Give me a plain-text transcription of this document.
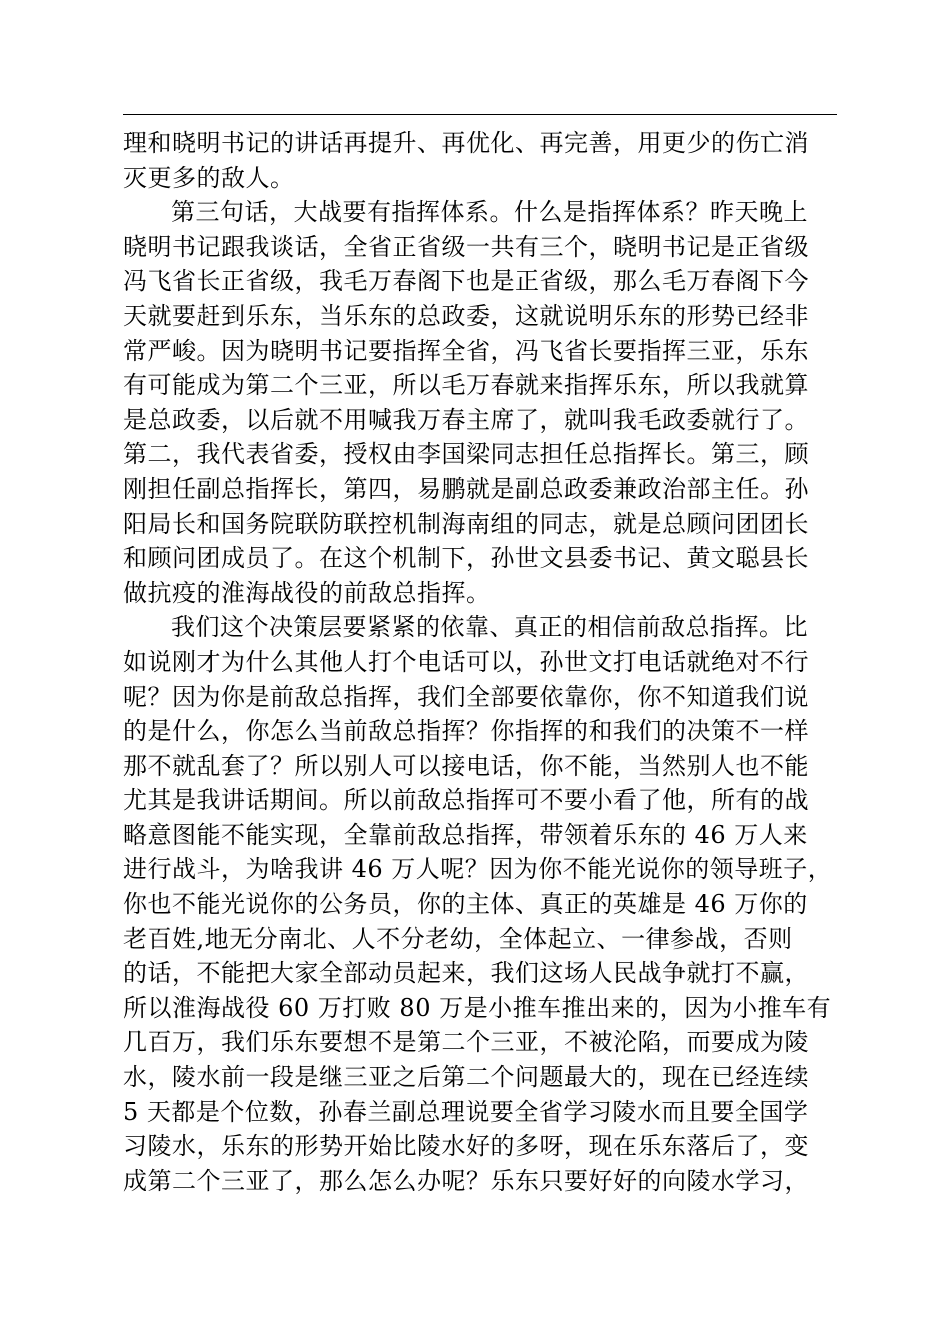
理和晓明书记的讲话再提升、再优化、再完善，用更少的伤亡消
灭更多的敌人。
第三句话，大战要有指挥体系。什么是指挥体系？昨天晚上
晓明书记跟我谈话，全省正省级一共有三个，晓明书记是正省级
冯飞省长正省级，我毛万春阁下也是正省级，那么毛万春阁下今
天就要赶到乐东，当乐东的总政委，这就说明乐东的形势已经非
常严峻。因为晓明书记要指挥全省，冯飞省长要指挥三亚，乐东
有可能成为第二个三亚，所以毛万春就来指挥乐东，所以我就算
是总政委，以后就不用喊我万春主席了，就叫我毛政委就行了。
第二，我代表省委，授权由李国梁同志担任总指挥长。第三，顾
刚担任副总指挥长，第四，易鹏就是副总政委兼政治部主任。孙
阳局长和国务院联防联控机制海南组的同志，就是总顾问团团长
和顾问团成员了。在这个机制下，孙世文县委书记、黄文聪县长
做抗疫的淮海战役的前敌总指挥。
我们这个决策层要紧紧的依靠、真正的相信前敌总指挥。比
如说刚才为什么其他人打个电话可以，孙世文打电话就绝对不行
呢？因为你是前敌总指挥，我们全部要依靠你，你不知道我们说
的是什么，你怎么当前敌总指挥？你指挥的和我们的决策不一样
那不就乱套了？所以别人可以接电话，你不能，当然别人也不能
尤其是我讲话期间。所以前敌总指挥可不要小看了他，所有的战
略意图能不能实现，全靠前敌总指挥，带领着乐东的 46 万人来
进行战斗，为啥我讲 46 万人呢？因为你不能光说你的领导班子，
你也不能光说你的公务员，你的主体、真正的英雄是 46 万你的
老百姓,地无分南北、人不分老幼，全体起立、一律参战，否则
的话，不能把大家全部动员起来，我们这场人民战争就打不赢，
所以淮海战役 60 万打败 80 万是小推车推出来的，因为小推车有
几百万，我们乐东要想不是第二个三亚，不被沦陷，而要成为陵
水，陵水前一段是继三亚之后第二个问题最大的，现在已经连续
5 天都是个位数，孙春兰副总理说要全省学习陵水而且要全国学
习陵水，乐东的形势开始比陵水好的多呀，现在乐东落后了，变
成第二个三亚了，那么怎么办呢？乐东只要好好的向陵水学习，
